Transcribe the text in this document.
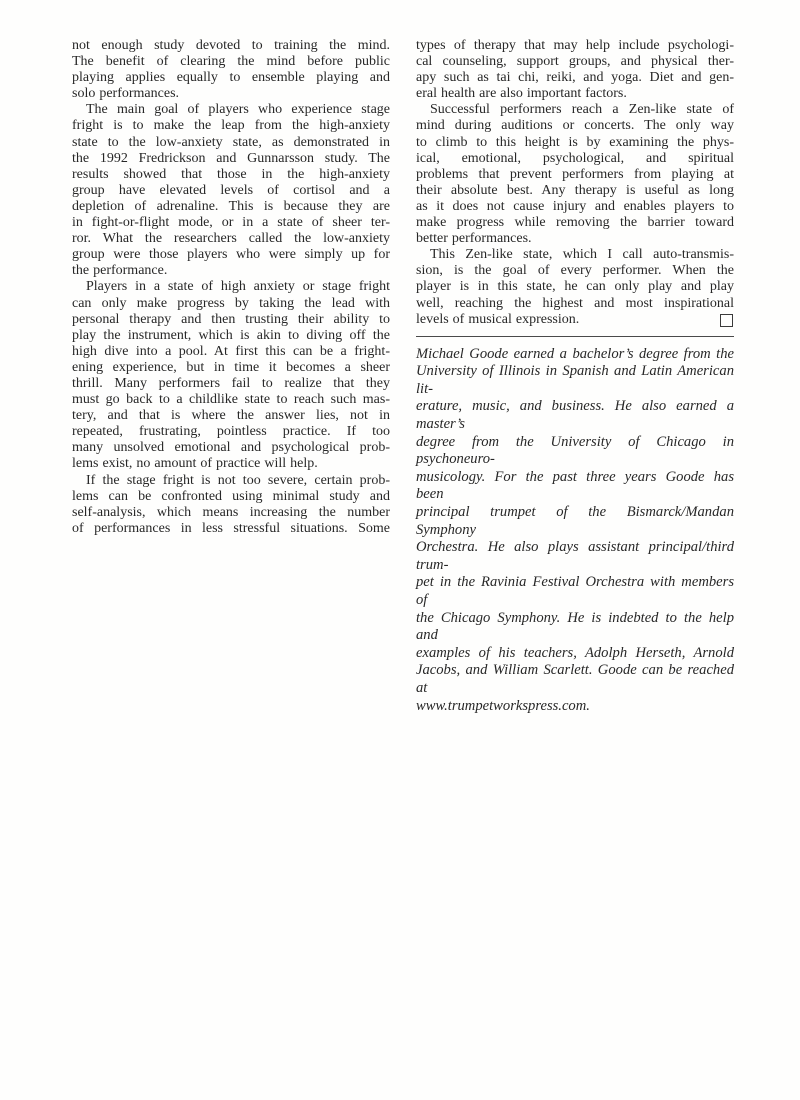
not enough study devoted to training the mind.
The benefit of clearing the mind before public
playing applies equally to ensemble playing and
solo performances.
The main goal of players who experience stage
fright is to make the leap from the high-anxiety
state to the low-anxiety state, as demonstrated in
the 1992 Fredrickson and Gunnarsson study. The
results showed that those in the high-anxiety
group have elevated levels of cortisol and a
depletion of adrenaline. This is because they are
in fight-or-flight mode, or in a state of sheer ter-
ror. What the researchers called the low-anxiety
group were those players who were simply up for
the performance.
Players in a state of high anxiety or stage fright
can only make progress by taking the lead with
personal therapy and then trusting their ability to
play the instrument, which is akin to diving off the
high dive into a pool. At first this can be a fright-
ening experience, but in time it becomes a sheer
thrill. Many performers fail to realize that they
must go back to a childlike state to reach such mas-
tery, and that is where the answer lies, not in
repeated, frustrating, pointless practice. If too
many unsolved emotional and psychological prob-
lems exist, no amount of practice will help.
If the stage fright is not too severe, certain prob-
lems can be confronted using minimal study and
self-analysis, which means increasing the number
of performances in less stressful situations. Some
types of therapy that may help include psychologi-
cal counseling, support groups, and physical ther-
apy such as tai chi, reiki, and yoga. Diet and gen-
eral health are also important factors.
Successful performers reach a Zen-like state of
mind during auditions or concerts. The only way
to climb to this height is by examining the phys-
ical, emotional, psychological, and spiritual
problems that prevent performers from playing at
their absolute best. Any therapy is useful as long
as it does not cause injury and enables players to
make progress while removing the barrier toward
better performances.
This Zen-like state, which I call auto-transmis-
sion, is the goal of every performer. When the
player is in this state, he can only play and play
well, reaching the highest and most inspirational
levels of musical expression.
Michael Goode earned a bachelor’s degree from the
University of Illinois in Spanish and Latin American lit-
erature, music, and business. He also earned a master’s
degree from the University of Chicago in psychoneuro-
musicology. For the past three years Goode has been
principal trumpet of the Bismarck/Mandan Symphony
Orchestra. He also plays assistant principal/third trum-
pet in the Ravinia Festival Orchestra with members of
the Chicago Symphony. He is indebted to the help and
examples of his teachers, Adolph Herseth, Arnold
Jacobs, and William Scarlett. Goode can be reached at
www.trumpetworkspress.com.
